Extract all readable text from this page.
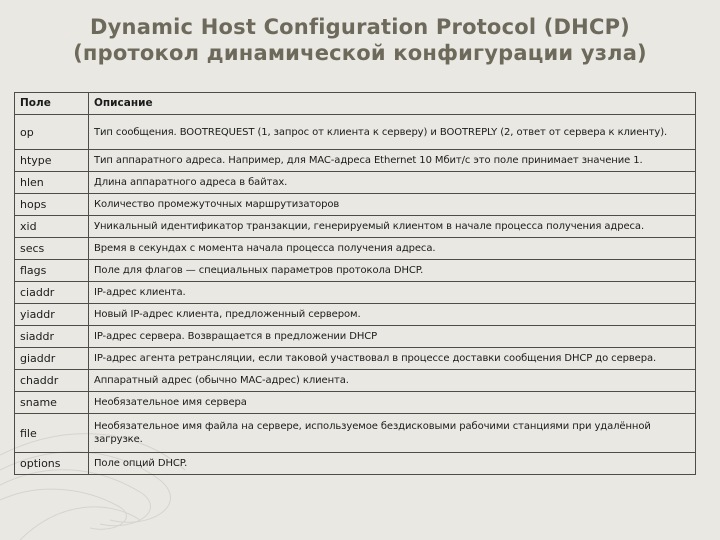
Dynamic Host Configuration Protocol (DHCP)
(протокол динамической конфигурации узла)
Поле	Описание
op	Тип сообщения. BOOTREQUEST (1, запрос от клиента к серверу) и BOOTREPLY (2, ответ от сервера к клиенту).
htype	Тип аппаратного адреса. Например, для MAC-адреса Ethernet 10 Мбит/с это поле принимает значение 1.
hlen	Длина аппаратного адреса в байтах.
hops	Количество промежуточных маршрутизаторов
xid	Уникальный идентификатор транзакции, генерируемый клиентом в начале процесса получения адреса.
secs	Время в секундах с момента начала процесса получения адреса.
flags	Поле для флагов — специальных параметров протокола DHCP.
ciaddr	IP-адрес клиента.
yiaddr	Новый IP-адрес клиента, предложенный сервером.
siaddr	IP-адрес сервера. Возвращается в предложении DHCP
giaddr	IP-адрес агента ретрансляции, если таковой участвовал в процессе доставки сообщения DHCP до сервера.
chaddr	Аппаратный адрес (обычно MAC-адрес) клиента.
sname	Необязательное имя сервера
file	Необязательное имя файла на сервере, используемое бездисковыми рабочими станциями при удалённой загрузке.
options	Поле опций DHCP.
